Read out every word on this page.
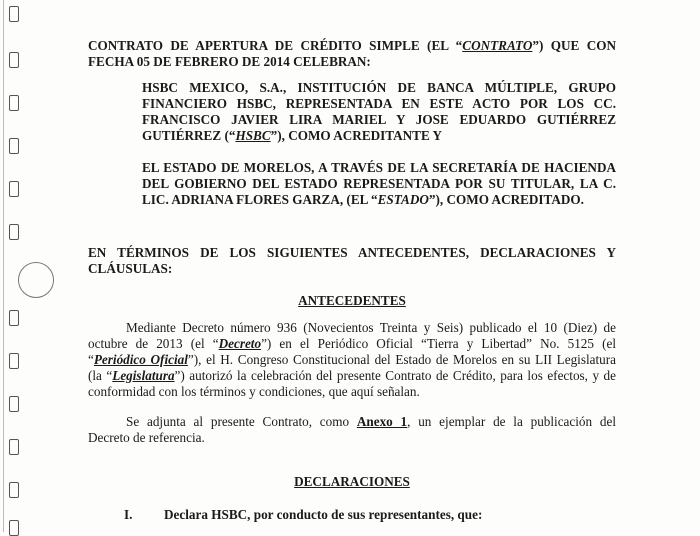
CONTRATO DE APERTURA DE CRÉDITO SIMPLE (EL “CONTRATO”) QUE CON
FECHA 05 DE FEBRERO DE 2014 CELEBRAN:
HSBC MEXICO, S.A., INSTITUCIÓN DE BANCA MÚLTIPLE, GRUPO
FINANCIERO HSBC, REPRESENTADA EN ESTE ACTO POR LOS CC.
FRANCISCO JAVIER LIRA MARIEL Y JOSE EDUARDO GUTIÉRREZ
GUTIÉRREZ (“HSBC”), COMO ACREDITANTE Y
EL ESTADO DE MORELOS, A TRAVÉS DE LA SECRETARÍA DE HACIENDA
DEL GOBIERNO DEL ESTADO REPRESENTADA POR SU TITULAR, LA C.
LIC. ADRIANA FLORES GARZA, (EL “ESTADO”), COMO ACREDITADO.
EN TÉRMINOS DE LOS SIGUIENTES ANTECEDENTES, DECLARACIONES Y
CLÁUSULAS:
ANTECEDENTES
Mediante Decreto número 936 (Novecientos Treinta y Seis) publicado el 10 (Diez) de
octubre de 2013 (el “Decreto”) en el Periódico Oficial “Tierra y Libertad” No. 5125 (el
“Periódico Oficial”), el H. Congreso Constitucional del Estado de Morelos en su LII Legislatura
(la “Legislatura”) autorizó la celebración del presente Contrato de Crédito, para los efectos, y de
conformidad con los términos y condiciones, que aquí señalan.
Se adjunta al presente Contrato, como Anexo 1, un ejemplar de la publicación del
Decreto de referencia.
DECLARACIONES
I. Declara HSBC, por conducto de sus representantes, que:
